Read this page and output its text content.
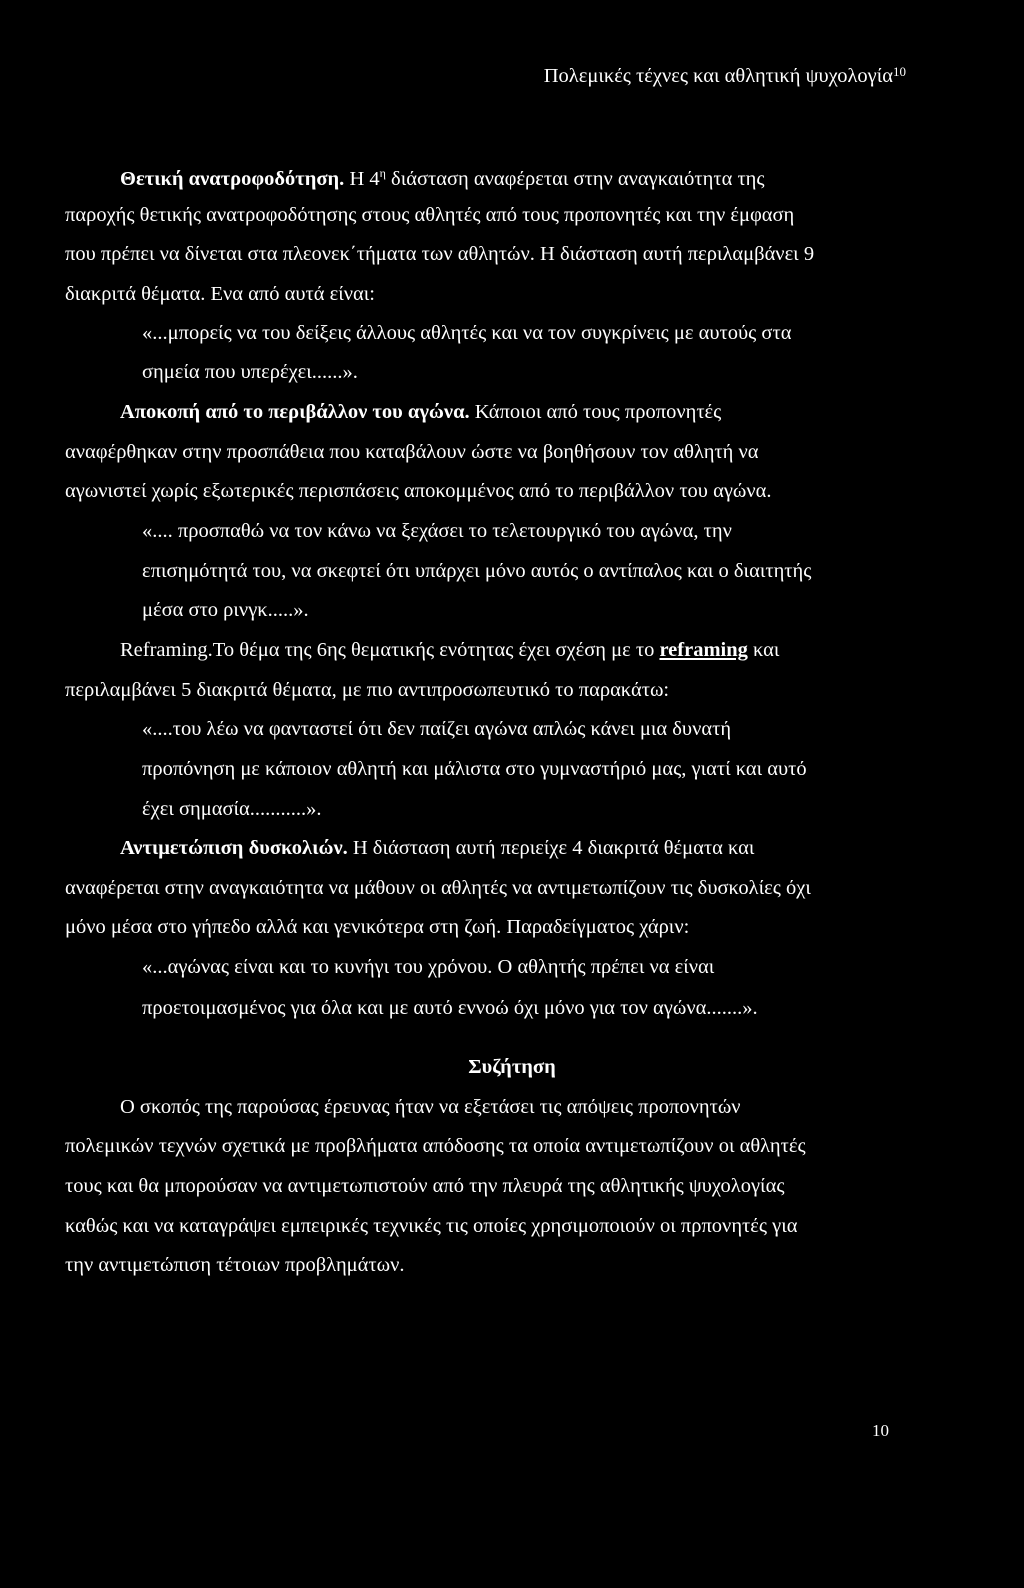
Πολεμικές τέχνες και αθλητική ψυχολογία$^{10}$
Θετική ανατροφοδότηση. Η $4^\eta$ διάσταση αναφέρεται στην αναγκαιότητα της
παροχής θετικής ανατροφοδότησης στους αθλητές από τους προπονητές και την έμφαση
που πρέπει να δίνεται στα πλεονεκ΄τήματα των αθλητών. Η διάσταση αυτή περιλαμβάνει 9
διακριτά θέματα. Ενα από αυτά είναι:
«...μπορείς να του δείξεις άλλους αθλητές και να τον συγκρίνεις με αυτούς στα
σημεία που υπερέχει......».
Αποκοπή από το περιβάλλον του αγώνα. Κάποιοι από τους προπονητές
αναφέρθηκαν στην προσπάθεια που καταβάλουν ώστε να βοηθήσουν τον αθλητή να
αγωνιστεί χωρίς εξωτερικές περισπάσεις αποκομμένος από το περιβάλλον του αγώνα.
«.... προσπαθώ να τον κάνω να ξεχάσει το τελετουργικό του αγώνα, την
επισημότητά του, να σκεφτεί ότι υπάρχει μόνο αυτός ο αντίπαλος και ο διαιτητής
μέσα στο ρινγκ.....».
Reframing.Το θέμα της 6ης θεματικής ενότητας έχει σχέση με το reframing και
περιλαμβάνει 5 διακριτά θέματα, με πιο αντιπροσωπευτικό το παρακάτω:
«....του λέω να φανταστεί ότι δεν παίζει αγώνα απλώς κάνει μια δυνατή
προπόνηση με κάποιον αθλητή και μάλιστα στο γυμναστήριό μας, γιατί και αυτό
έχει σημασία...........».
Αντιμετώπιση δυσκολιών. Η διάσταση αυτή περιείχε 4 διακριτά θέματα και
αναφέρεται στην αναγκαιότητα να μάθουν οι αθλητές να αντιμετωπίζουν τις δυσκολίες όχι
μόνο μέσα στο γήπεδο αλλά και γενικότερα στη ζωή. Παραδείγματος χάριν:
«...αγώνας είναι και το κυνήγι του χρόνου. Ο αθλητής πρέπει να είναι
προετοιμασμένος για όλα και με αυτό εννοώ όχι μόνο για τον αγώνα.......».
Συζήτηση
Ο σκοπός της παρούσας έρευνας ήταν να εξετάσει τις απόψεις προπονητών
πολεμικών τεχνών σχετικά με προβλήματα απόδοσης τα οποία αντιμετωπίζουν οι αθλητές
τους και θα μπορούσαν να αντιμετωπιστούν από την πλευρά της αθλητικής ψυχολογίας
καθώς και να καταγράψει εμπειρικές τεχνικές τις οποίες χρησιμοποιούν οι πρπονητές για
την αντιμετώπιση τέτοιων προβλημάτων.
10
